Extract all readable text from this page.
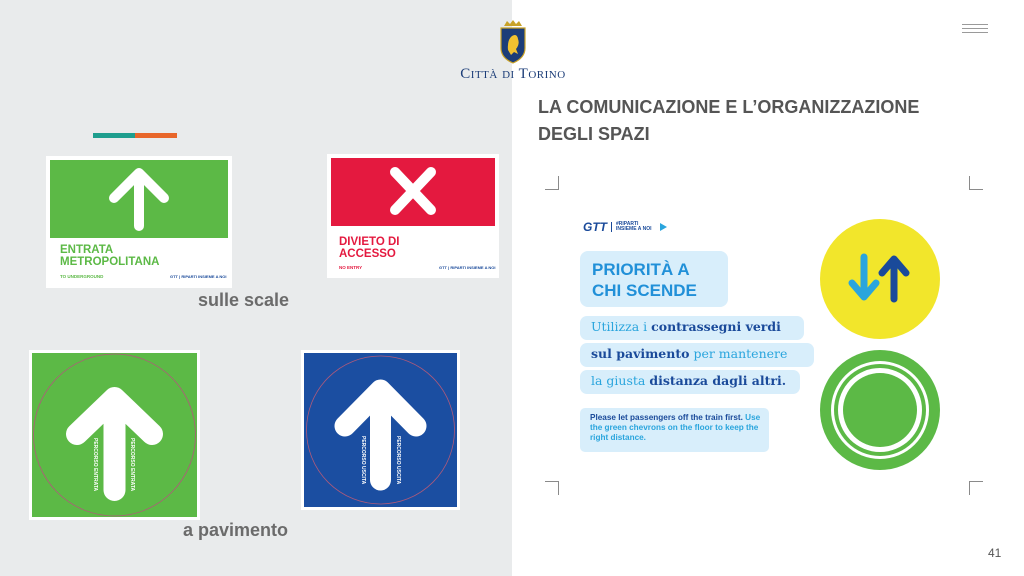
Città di Torino
LA COMUNICAZIONE E L’ORGANIZZAZIONE
DEGLI SPAZI
ENTRATA
METROPOLITANA
TO UNDERGROUND	GTT | RIPARTI INSIEME A NOI
DIVIETO DI
ACCESSO
NO ENTRY	GTT | RIPARTI INSIEME A NOI
sulle scale
PERCORSO ENTRATA	PERCORSO ENTRATA	PERCORSO USCITA	PERCORSO USCITA
a pavimento
GTT #RIPARTI
INSIEME A NOI
PRIORITÀ A
CHI SCENDE
Utilizza i contrassegni verdi
sul pavimento per mantenere
la giusta distanza dagli altri.
Please let passengers off the train first. Use the green chevrons on the floor to keep the right distance.
41
